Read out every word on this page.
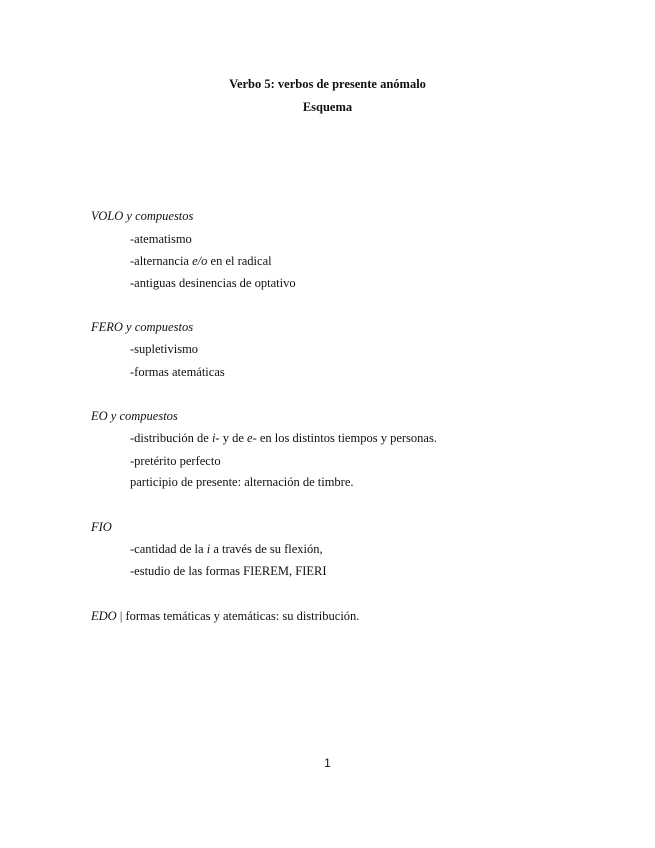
Verbo 5: verbos de presente anómalo
Esquema
VOLO y compuestos
-atematismo
-alternancia e/o en el radical
-antiguas desinencias de optativo
FERO y compuestos
-supletivismo
-formas atemáticas
EO y compuestos
-distribución de i- y de e- en los distintos tiempos y personas.
-pretérito perfecto
participio de presente: alternación de timbre.
FIO
-cantidad de la i a través de su flexión,
-estudio de las formas FIEREM, FIERI
EDO | formas temáticas y atemáticas: su distribución.
1
